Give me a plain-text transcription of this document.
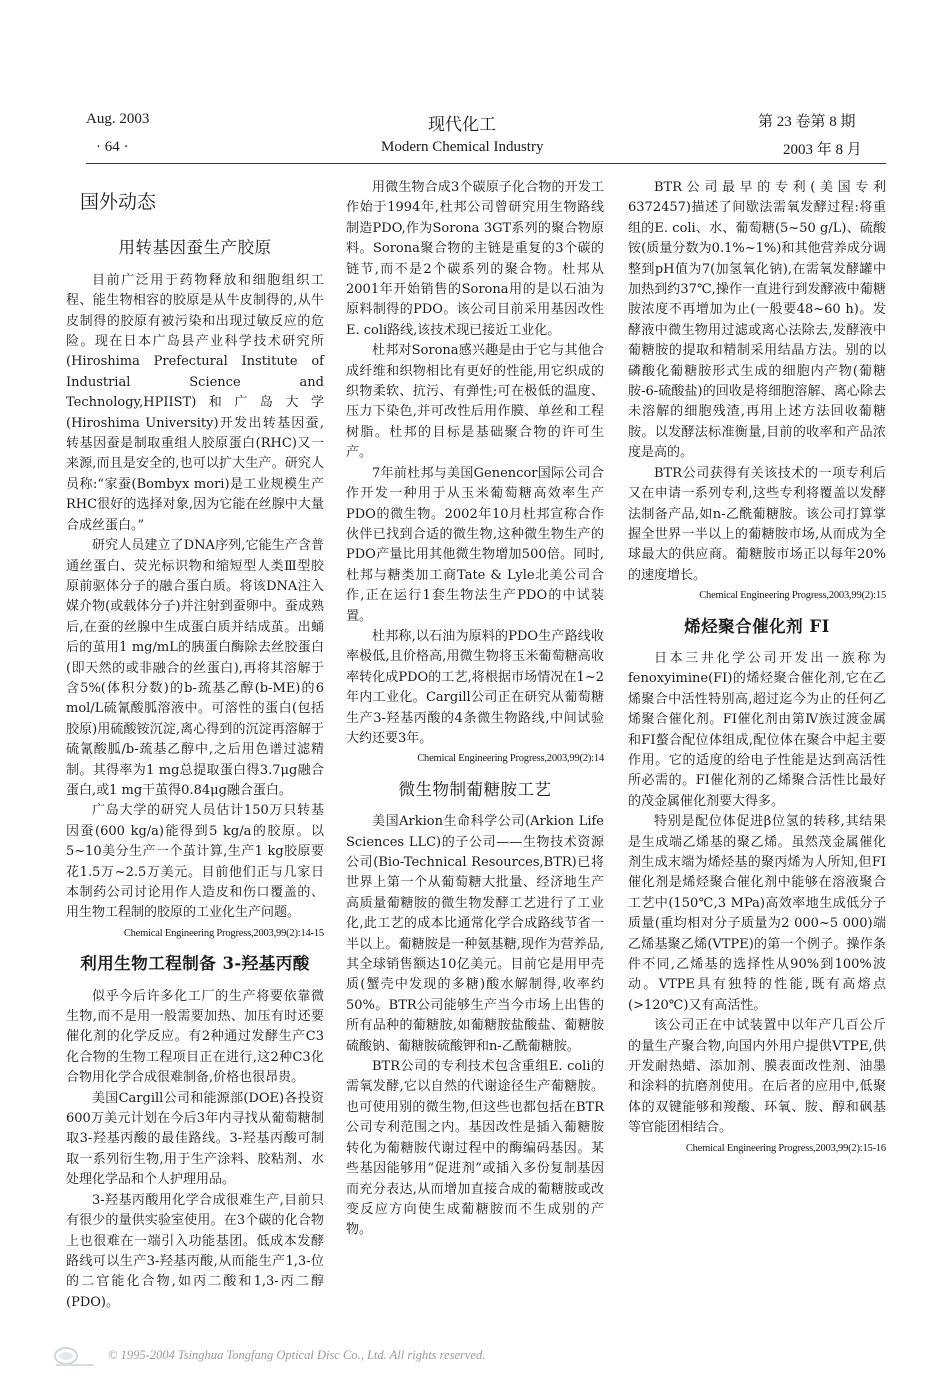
Aug. 2003
· 64 ·
现代化工
Modern Chemical Industry
第 23 卷第 8 期
2003 年 8 月
国外动态
用转基因蚕生产胶原

目前广泛用于药物释放和细胞组织工程、能生物相容的胶原是从牛皮制得的,从牛皮制得的胶原有被污染和出现过敏反应的危险。现在日本广岛县产业科学技术研究所(Hiroshima Prefectural Institute of Industrial Science and Technology,HPIIST)和广岛大学(Hiroshima University)开发出转基因蚕,转基因蚕是制取重组人胶原蛋白(RHC)又一来源,而且是安全的,也可以扩大生产。研究人员称:“家蚕(Bombyx mori)是工业规模生产RHC很好的选择对象,因为它能在丝腺中大量合成丝蛋白。”

研究人员建立了DNA序列,它能生产含普通丝蛋白、荧光标识物和缩短型人类Ⅲ型胶原前驱体分子的融合蛋白质。将该DNA注入媒介物(或载体分子)并注射到蚕卵中。蚕成熟后,在蚕的丝腺中生成蛋白质并结成茧。出蛹后的茧用1 mg/mL的胰蛋白酶除去丝胶蛋白(即天然的或非融合的丝蛋白),再将其溶解于含5%(体积分数)的b-巯基乙醇(b-ME)的6 mol/L硫氰酸胍溶液中。可溶性的蛋白(包括胶原)用硫酸铵沉淀,离心得到的沉淀再溶解于硫氰酸胍/b-巯基乙醇中,之后用色谱过滤精制。其得率为1 mg总提取蛋白得3.7μg融合蛋白,或1 mg干茧得0.84μg融合蛋白。

广岛大学的研究人员估计150万只转基因蚕(600 kg/a)能得到5 kg/a的胶原。以5~10美分生产一个茧计算,生产1 kg胶原要花1.5万~2.5万美元。目前他们正与几家日本制药公司讨论用作人造皮和伤口覆盖的、用生物工程制的胶原的工业化生产问题。

Chemical Engineering Progress,2003,99(2):14-15

利用生物工程制备 3-羟基丙酸

似乎今后许多化工厂的生产将要依靠微生物,而不是用一般需要加热、加压有时还要催化剂的化学反应。有2种通过发酵生产C3化合物的生物工程项目正在进行,这2种C3化合物用化学合成很难制备,价格也很昂贵。

美国Cargill公司和能源部(DOE)各投资600万美元计划在今后3年内寻找从葡萄糖制取3-羟基丙酸的最佳路线。3-羟基丙酸可制取一系列衍生物,用于生产涂料、胶粘剂、水处理化学品和个人护理用品。

3-羟基丙酸用化学合成很难生产,目前只有很少的量供实验室使用。在3个碳的化合物上也很难在一端引入功能基团。低成本发酵路线可以生产3-羟基丙酸,从而能生产1,3-位的二官能化合物,如丙二酸和1,3-丙二醇(PDO)。

用微生物合成3个碳原子化合物的开发工作始于1994年,杜邦公司曾研究用生物路线制造PDO,作为Sorona 3GT系列的聚合物原料。Sorona聚合物的主链是重复的3个碳的链节,而不是2个碳系列的聚合物。杜邦从2001年开始销售的Sorona用的是以石油为原料制得的PDO。该公司目前采用基因改性E. coli路线,该技术现已接近工业化。

杜邦对Sorona感兴趣是由于它与其他合成纤维和织物相比有更好的性能,用它织成的织物柔软、抗污、有弹性;可在极低的温度、压力下染色,并可改性后用作膜、单丝和工程树脂。杜邦的目标是基础聚合物的许可生产。

7年前杜邦与美国Genencor国际公司合作开发一种用于从玉米葡萄糖高效率生产PDO的微生物。2002年10月杜邦宣称合作伙伴已找到合适的微生物,这种微生物生产的PDO产量比用其他微生物增加500倍。同时,杜邦与糖类加工商Tate & Lyle北美公司合作,正在运行1套生物法生产PDO的中试装置。

杜邦称,以石油为原料的PDO生产路线收率极低,且价格高,用微生物将玉米葡萄糖高收率转化成PDO的工艺,将根据市场情况在1~2年内工业化。Cargill公司正在研究从葡萄糖生产3-羟基丙酸的4条微生物路线,中间试验大约还要3年。

Chemical Engineering Progress,2003,99(2):14

微生物制葡糖胺工艺

美国Arkion生命科学公司(Arkion Life Sciences LLC)的子公司——生物技术资源公司(Bio-Technical Resources,BTR)已将世界上第一个从葡萄糖大批量、经济地生产高质量葡糖胺的微生物发酵工艺进行了工业化,此工艺的成本比通常化学合成路线节省一半以上。葡糖胺是一种氨基糖,现作为营养品,其全球销售额达10亿美元。目前它是用甲壳质(蟹壳中发现的多糖)酸水解制得,收率约50%。BTR公司能够生产当今市场上出售的所有品种的葡糖胺,如葡糖胺盐酸盐、葡糖胺硫酸钠、葡糖胺硫酸钾和n-乙酰葡糖胺。

BTR公司的专利技术包含重组E. coli的需氧发酵,它以自然的代谢途径生产葡糖胺。也可使用别的微生物,但这些也都包括在BTR公司专利范围之内。基因改性是插入葡糖胺转化为葡糖胺代谢过程中的酶编码基因。某些基因能够用“促进剂”或插入多份复制基因而充分表达,从而增加直接合成的葡糖胺或改变反应方向使生成葡糖胺而不生成别的产物。

BTR公司最早的专利(美国专利6372457)描述了间歇法需氧发酵过程:将重组的E. coli、水、葡萄糖(5~50 g/L)、硫酸铵(质量分数为0.1%~1%)和其他营养成分调整到pH值为7(加氢氧化钠),在需氧发酵罐中加热到约37℃,操作一直进行到发酵液中葡糖胺浓度不再增加为止(一般要48~60 h)。发酵液中微生物用过滤或离心法除去,发酵液中葡糖胺的提取和精制采用结晶方法。别的以磷酸化葡糖胺形式生成的细胞内产物(葡糖胺-6-硫酸盐)的回收是将细胞溶解、离心除去未溶解的细胞残渣,再用上述方法回收葡糖胺。以发酵法标准衡量,目前的收率和产品浓度是高的。

BTR公司获得有关该技术的一项专利后又在申请一系列专利,这些专利将覆盖以发酵法制备产品,如n-乙酰葡糖胺。该公司打算掌握全世界一半以上的葡糖胺市场,从而成为全球最大的供应商。葡糖胺市场正以每年20%的速度增长。

Chemical Engineering Progress,2003,99(2):15

烯烃聚合催化剂 FI

日本三井化学公司开发出一族称为fenoxyimine(FI)的烯烃聚合催化剂,它在乙烯聚合中活性特别高,超过迄今为止的任何乙烯聚合催化剂。FI催化剂由第Ⅳ族过渡金属和FI螯合配位体组成,配位体在聚合中起主要作用。它的适度的给电子性能是达到高活性所必需的。FI催化剂的乙烯聚合活性比最好的茂金属催化剂要大得多。

特别是配位体促进β位氢的转移,其结果是生成端乙烯基的聚乙烯。虽然茂金属催化剂生成末端为烯烃基的聚丙烯为人所知,但FI催化剂是烯烃聚合催化剂中能够在溶液聚合工艺中(150℃,3 MPa)高效率地生成低分子质量(重均相对分子质量为2 000~5 000)端乙烯基聚乙烯(VTPE)的第一个例子。操作条件不同,乙烯基的选择性从90%到100%波动。VTPE具有独特的性能,既有高熔点(>120℃)又有高活性。

该公司正在中试装置中以年产几百公斤的量生产聚合物,向国内外用户提供VTPE,供开发耐热蜡、添加剂、膜表面改性剂、油墨和涂料的抗磨剂使用。在后者的应用中,低聚体的双键能够和羧酸、环氧、胺、醇和砜基等官能团相结合。

Chemical Engineering Progress,2003,99(2):15-16

© 1995-2004 Tsinghua Tongfang Optical Disc Co., Ltd. All rights reserved.
